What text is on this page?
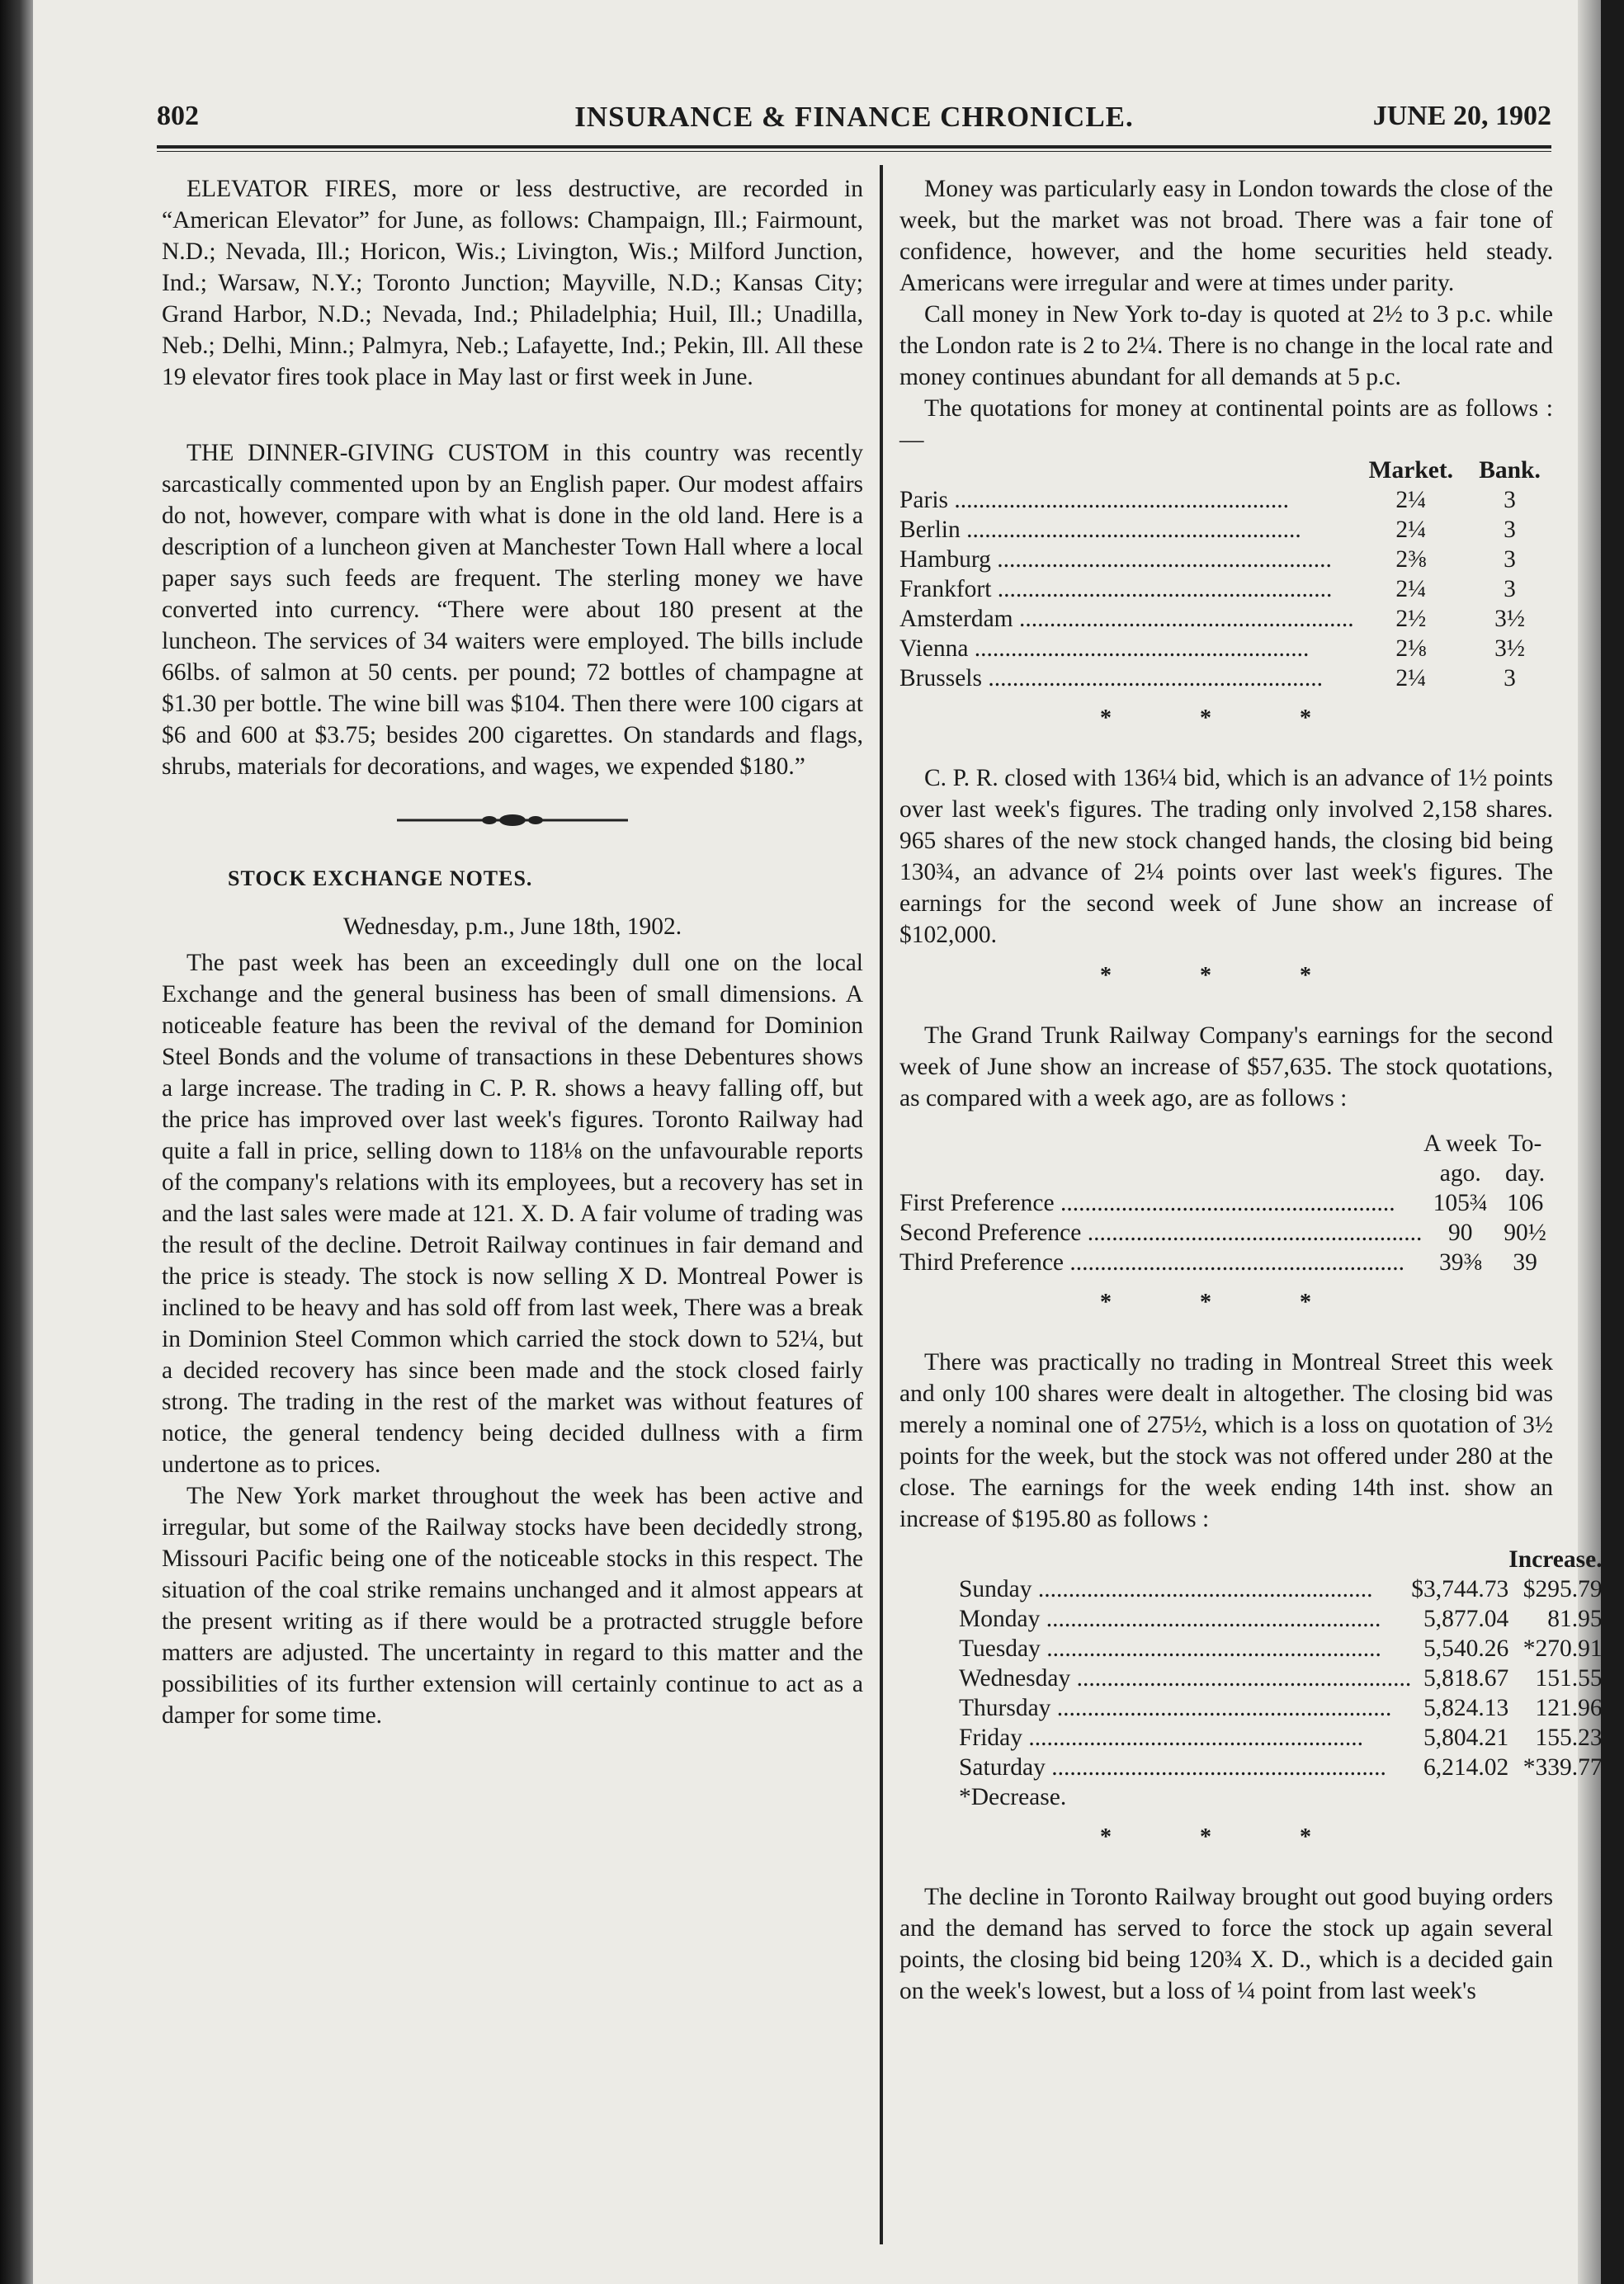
802	INSURANCE & FINANCE CHRONICLE.	JUNE 20, 1902

ELEVATOR FIRES, more or less destructive, are recorded in “American Elevator” for June, as follows: Champaign, Ill.; Fairmount, N.D.; Nevada, Ill.; Horicon, Wis.; Livington, Wis.; Milford Junction, Ind.; Warsaw, N.Y.; Toronto Junction; Mayville, N.D.; Kansas City; Grand Harbor, N.D.; Nevada, Ind.; Philadelphia; Huil, Ill.; Unadilla, Neb.; Delhi, Minn.; Palmyra, Neb.; Lafayette, Ind.; Pekin, Ill. All these 19 elevator fires took place in May last or first week in June.

THE DINNER-GIVING CUSTOM in this country was recently sarcastically commented upon by an English paper. Our modest affairs do not, however, compare with what is done in the old land. Here is a description of a luncheon given at Manchester Town Hall where a local paper says such feeds are frequent. The sterling money we have converted into currency. “There were about 180 present at the luncheon. The services of 34 waiters were employed. The bills include 66lbs. of salmon at 50 cents. per pound; 72 bottles of champagne at $1.30 per bottle. The wine bill was $104. Then there were 100 cigars at $6 and 600 at $3.75; besides 200 cigarettes. On standards and flags, shrubs, materials for decorations, and wages, we expended $180.”

STOCK EXCHANGE NOTES.
Wednesday, p.m., June 18th, 1902.

The past week has been an exceedingly dull one on the local Exchange and the general business has been of small dimensions. A noticeable feature has been the revival of the demand for Dominion Steel Bonds and the volume of transactions in these Debentures shows a large increase. The trading in C. P. R. shows a heavy falling off, but the price has improved over last week's figures. Toronto Railway had quite a fall in price, selling down to 118⅛ on the unfavourable reports of the company's relations with its employees, but a recovery has set in and the last sales were made at 121. X. D. A fair volume of trading was the result of the decline. Detroit Railway continues in fair demand and the price is steady. The stock is now selling X D. Montreal Power is inclined to be heavy and has sold off from last week, There was a break in Dominion Steel Common which carried the stock down to 52¼, but a decided recovery has since been made and the stock closed fairly strong. The trading in the rest of the market was without features of notice, the general tendency being decided dullness with a firm undertone as to prices.

The New York market throughout the week has been active and irregular, but some of the Railway stocks have been decidedly strong, Missouri Pacific being one of the noticeable stocks in this respect. The situation of the coal strike remains unchanged and it almost appears at the present writing as if there would be a protracted struggle before matters are adjusted. The uncertainty in regard to this matter and the possibilities of its further extension will certainly continue to act as a damper for some time.

Money was particularly easy in London towards the close of the week, but the market was not broad. There was a fair tone of confidence, however, and the home securities held steady. Americans were irregular and were at times under parity.

Call money in New York to-day is quoted at 2½ to 3 p.c. while the London rate is 2 to 2¼. There is no change in the local rate and money continues abundant for all demands at 5 p.c.

The quotations for money at continental points are as follows :—

	Market.	Bank.
Paris .....	2¼	3
Berlin .....	2¼	3
Hamburg .....	2⅜	3
Frankfort .....	2¼	3
Amsterdam .....	2½	3½
Vienna .....	2⅛	3½
Brussels .....	2¼	3
* * *

C. P. R. closed with 136¼ bid, which is an advance of 1½ points over last week's figures. The trading only involved 2,158 shares. 965 shares of the new stock changed hands, the closing bid being 130¾, an advance of 2¼ points over last week's figures. The earnings for the second week of June show an increase of $102,000.

* * *

The Grand Trunk Railway Company's earnings for the second week of June show an increase of $57,635. The stock quotations, as compared with a week ago, are as follows :

	A week ago.	To-day.
First Preference .....	105¾	106
Second Preference .....	90	90½
Third Preference .....	39⅜	39
* * *

There was practically no trading in Montreal Street this week and only 100 shares were dealt in altogether. The closing bid was merely a nominal one of 275½, which is a loss on quotation of 3½ points for the week, but the stock was not offered under 280 at the close. The earnings for the week ending 14th inst. show an increase of $195.80 as follows :

		Increase.
Sunday .....	$3,744.73	$295.79
Monday .....	5,877.04	81.95
Tuesday .....	5,540.26	*270.91
Wednesday .....	5,818.67	151.55
Thursday .....	5,824.13	121.96
Friday .....	5,804.21	155.23
Saturday .....	6,214.02	*339.77
*Decrease.		
* * *

The decline in Toronto Railway brought out good buying orders and the demand has served to force the stock up again several points, the closing bid being 120¾ X. D., which is a decided gain on the week's lowest, but a loss of ¼ point from last week's
